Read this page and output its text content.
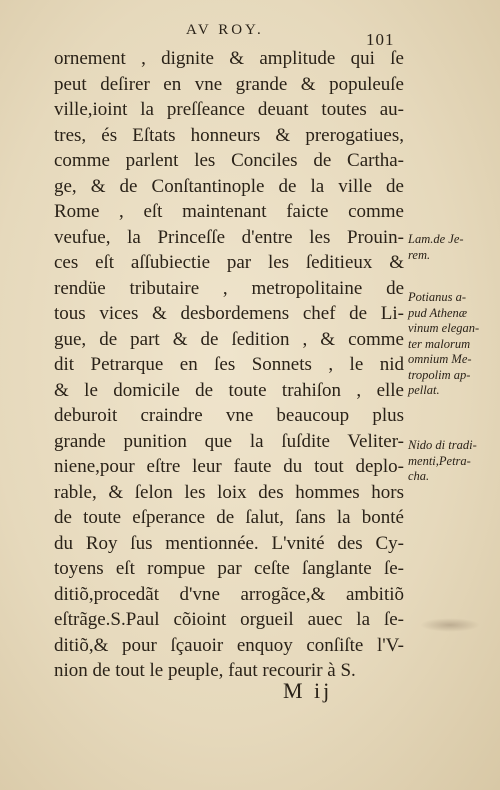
AV ROY.	101
ornement , dignite & amplitude qui ſe
peut deſirer en vne grande & populeuſe
ville,ioint la preſſeance deuant toutes au-
tres, és Eſtats honneurs & prerogatiues,
comme parlent les Conciles de Cartha-
ge, & de Conſtantinople de la ville de
Rome , eſt maintenant faicte comme
veufue, la Princeſſe d'entre les Prouin-
ces eſt aſſubiectie par les ſeditieux &
rendüe tributaire , metropolitaine de
tous vices & desbordemens chef de Li-
gue, de part & de ſedition , & comme
dit Petrarque en ſes Sonnets , le nid
& le domicile de toute trahiſon , elle
deburoit craindre vne beaucoup plus
grande punition que la ſuſdite Veliter-
niene,pour eſtre leur faute du tout deplo-
rable, & ſelon les loix des hommes hors
de toute eſperance de ſalut, ſans la bonté
du Roy ſus mentionnée. L'vnité des Cy-
toyens eſt rompue par ceſte ſanglante ſe-
ditiõ,procedãt d'vne arrogãce,& ambitiõ
eſtrãge.S.Paul cõioint orgueil auec la ſe-
ditiõ,& pour ſçauoir enquoy conſiſte l'V-
nion de tout le peuple, faut recourir à S.
M ij
Lam.de Je-
rem.
Potianus a-
pud Athenæ
vinum elegan-
ter malorum
omnium Me-
tropolim ap-
pellat.
Nido di tradi-
menti,Petra-
cha.
